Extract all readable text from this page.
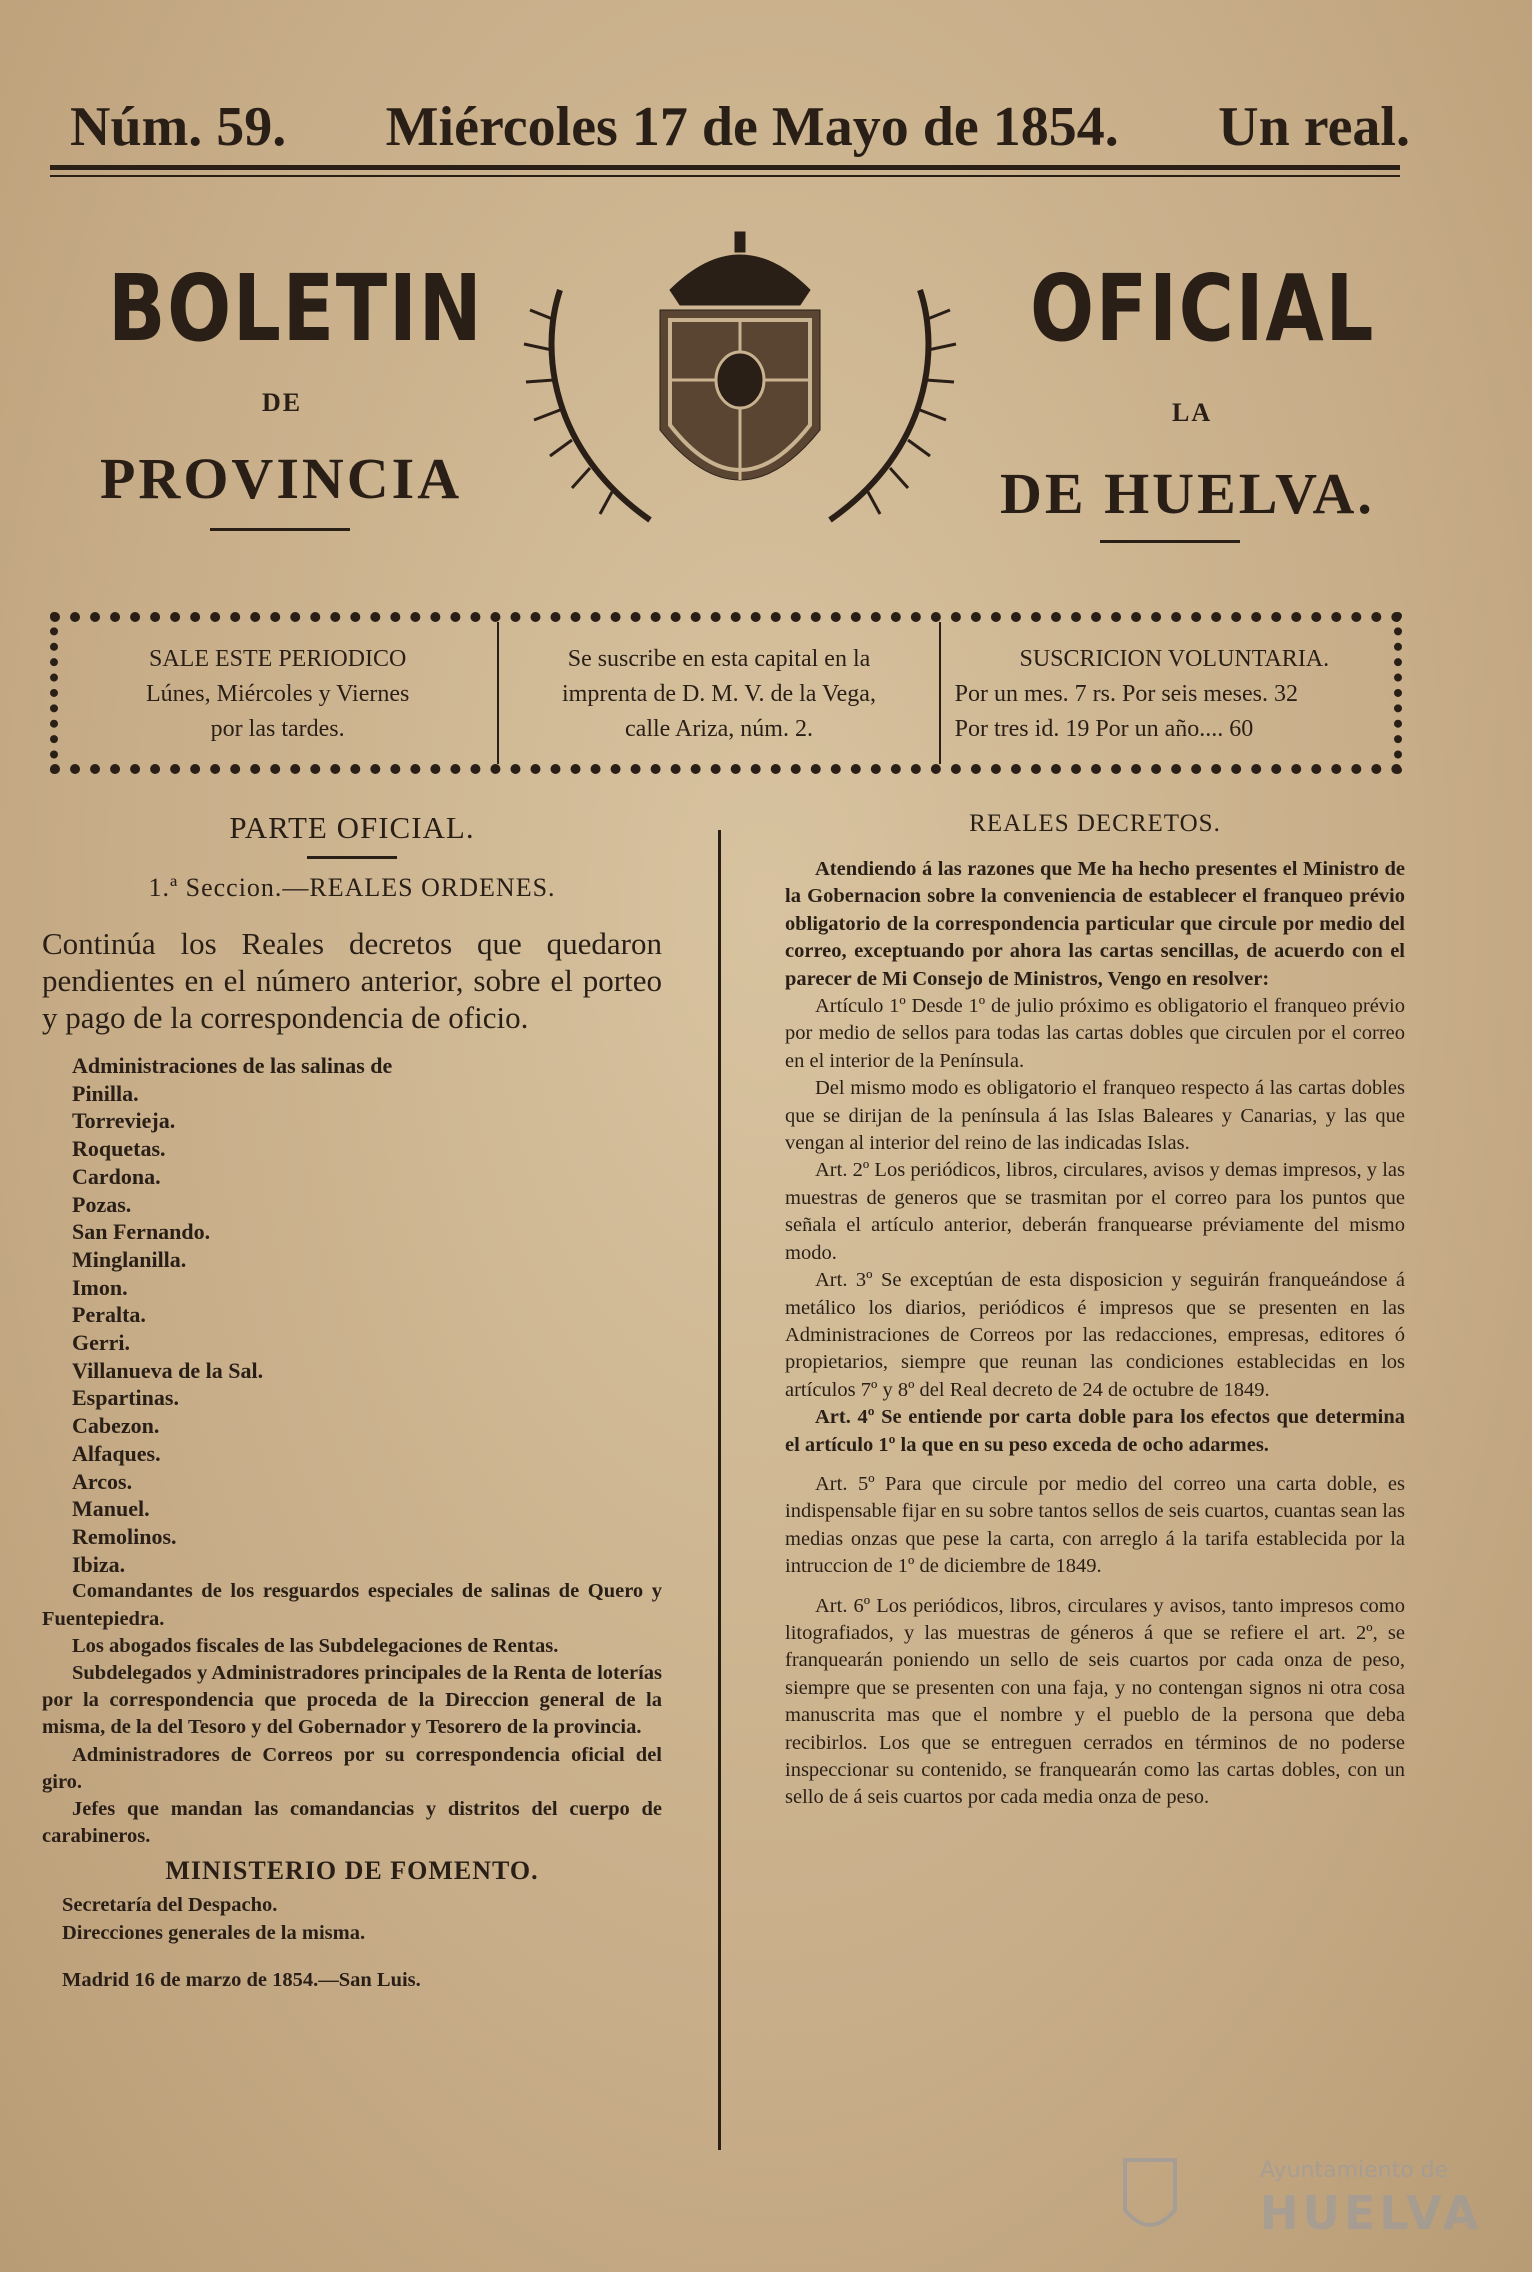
Núm. 59. Miércoles 17 de Mayo de 1854. Un real.
BOLETIN
DE
PROVINCIA
OFICIAL
LA
DE HUELVA.
SALE ESTE PERIODICO
Lúnes, Miércoles y Viernes
por las tardes.
Se suscribe en esta capital en la
imprenta de D. M. V. de la Vega,
calle Ariza, núm. 2.
SUSCRICION VOLUNTARIA.
Por un mes. 7 rs. Por seis meses. 32
Por tres id. 19 Por un año.... 60
PARTE OFICIAL.
1.ª Seccion.—REALES ORDENES.
Continúa los Reales decretos que quedaron pendientes en el número anterior, sobre el porteo y pago de la correspondencia de oficio.
Administraciones de las salinas de
Pinilla.
Torrevieja.
Roquetas.
Cardona.
Pozas.
San Fernando.
Minglanilla.
Imon.
Peralta.
Gerri.
Villanueva de la Sal.
Espartinas.
Cabezon.
Alfaques.
Arcos.
Manuel.
Remolinos.
Ibiza.
Comandantes de los resguardos especiales de salinas de Quero y Fuentepiedra.
Los abogados fiscales de las Subdelegaciones de Rentas.
Subdelegados y Administradores principales de la Renta de loterías por la correspondencia que proceda de la Direccion general de la misma, de la del Tesoro y del Gobernador y Tesorero de la provincia.
Administradores de Correos por su correspondencia oficial del giro.
Jefes que mandan las comandancias y distritos del cuerpo de carabineros.
MINISTERIO DE FOMENTO.
Secretaría del Despacho.
Direcciones generales de la misma.
Madrid 16 de marzo de 1854.—San Luis.
REALES DECRETOS.
Atendiendo á las razones que Me ha hecho presentes el Ministro de la Gobernacion sobre la conveniencia de establecer el franqueo prévio obligatorio de la correspondencia particular que circule por medio del correo, exceptuando por ahora las cartas sencillas, de acuerdo con el parecer de Mi Consejo de Ministros, Vengo en resolver:
Artículo 1º Desde 1º de julio próximo es obligatorio el franqueo prévio por medio de sellos para todas las cartas dobles que circulen por el correo en el interior de la Península.
Del mismo modo es obligatorio el franqueo respecto á las cartas dobles que se dirijan de la península á las Islas Baleares y Canarias, y las que vengan al interior del reino de las indicadas Islas.
Art. 2º Los periódicos, libros, circulares, avisos y demas impresos, y las muestras de generos que se trasmitan por el correo para los puntos que señala el artículo anterior, deberán franquearse préviamente del mismo modo.
Art. 3º Se exceptúan de esta disposicion y seguirán franqueándose á metálico los diarios, periódicos é impresos que se presenten en las Administraciones de Correos por las redacciones, empresas, editores ó propietarios, siempre que reunan las condiciones establecidas en los artículos 7º y 8º del Real decreto de 24 de octubre de 1849.
Art. 4º Se entiende por carta doble para los efectos que determina el artículo 1º la que en su peso exceda de ocho adarmes.
Art. 5º Para que circule por medio del correo una carta doble, es indispensable fijar en su sobre tantos sellos de seis cuartos, cuantas sean las medias onzas que pese la carta, con arreglo á la tarifa establecida por la intruccion de 1º de diciembre de 1849.
Art. 6º Los periódicos, libros, circulares y avisos, tanto impresos como litografiados, y las muestras de géneros á que se refiere el art. 2º, se franquearán poniendo un sello de seis cuartos por cada onza de peso, siempre que se presenten con una faja, y no contengan signos ni otra cosa manuscrita mas que el nombre y el pueblo de la persona que deba recibirlos. Los que se entreguen cerrados en términos de no poderse inspeccionar su contenido, se franquearán como las cartas dobles, con un sello de á seis cuartos por cada media onza de peso.
Ayuntamiento de
HUELVA
